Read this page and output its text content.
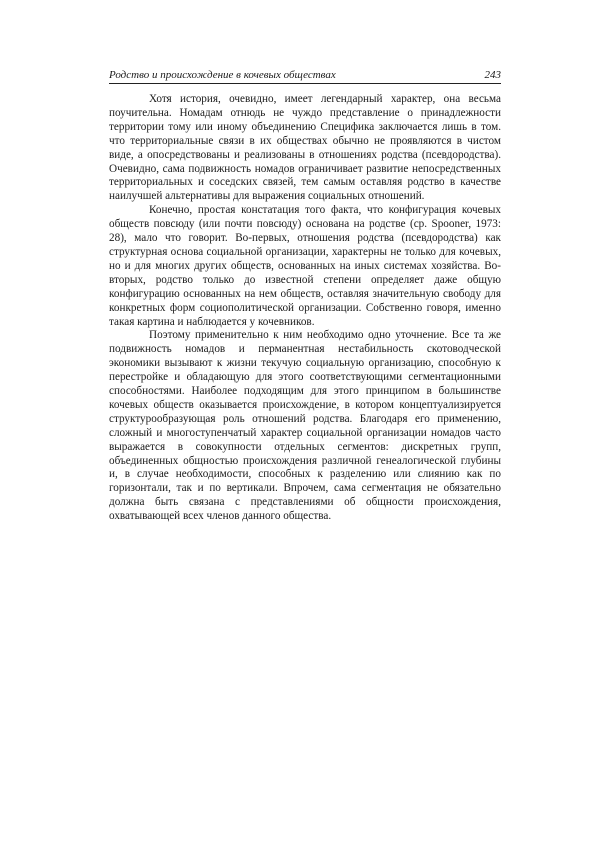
Родство и происхождение в кочевых обществах	243

Хотя история, очевидно, имеет легендарный характер, она весьма поучительна. Номадам отнюдь не чуждо представление о принадлежности территории тому или иному объединению Специфика заключается лишь в том. что территориальные связи в их обществах обычно не проявляются в чистом виде, а опосредствованы и реализованы в отношениях родства (псевдородства). Очевидно, сама подвижность номадов ограничивает развитие непосредственных территориальных и соседских связей, тем самым оставляя родство в качестве наилучшей альтернативы для выражения социальных отношений.

Конечно, простая констатация того факта, что конфигурация кочевых обществ повсюду (или почти повсюду) основана на родстве (ср. Spooner, 1973: 28), мало что говорит. Во-первых, отношения родства (псевдородства) как структурная основа социальной организации, характерны не только для кочевых, но и для многих других обществ, основанных на иных системах хозяйства. Во-вторых, родство только до известной степени определяет даже общую конфигурацию основанных на нем обществ, оставляя значительную свободу для конкретных форм социополитической организации. Собственно говоря, именно такая картина и наблюдается у кочевников.

Поэтому применительно к ним необходимо одно уточнение. Все та же подвижность номадов и перманентная нестабильность скотоводческой экономики вызывают к жизни текучую социальную организацию, способную к перестройке и обладающую для этого соответствующими сегментационными способностями. Наиболее подходящим для этого принципом в большинстве кочевых обществ оказывается происхождение, в котором концептуализируется структурообразующая роль отношений родства. Благодаря его применению, сложный и многоступенчатый характер социальной организации номадов часто выражается в совокупности отдельных сегментов: дискретных групп, объединенных общностью происхождения различной генеалогической глубины и, в случае необходимости, способных к разделению или слиянию как по горизонтали, так и по вертикали. Впрочем, сама сегментация не обязательно должна быть связана с представлениями об общности происхождения, охватывающей всех членов данного общества.
